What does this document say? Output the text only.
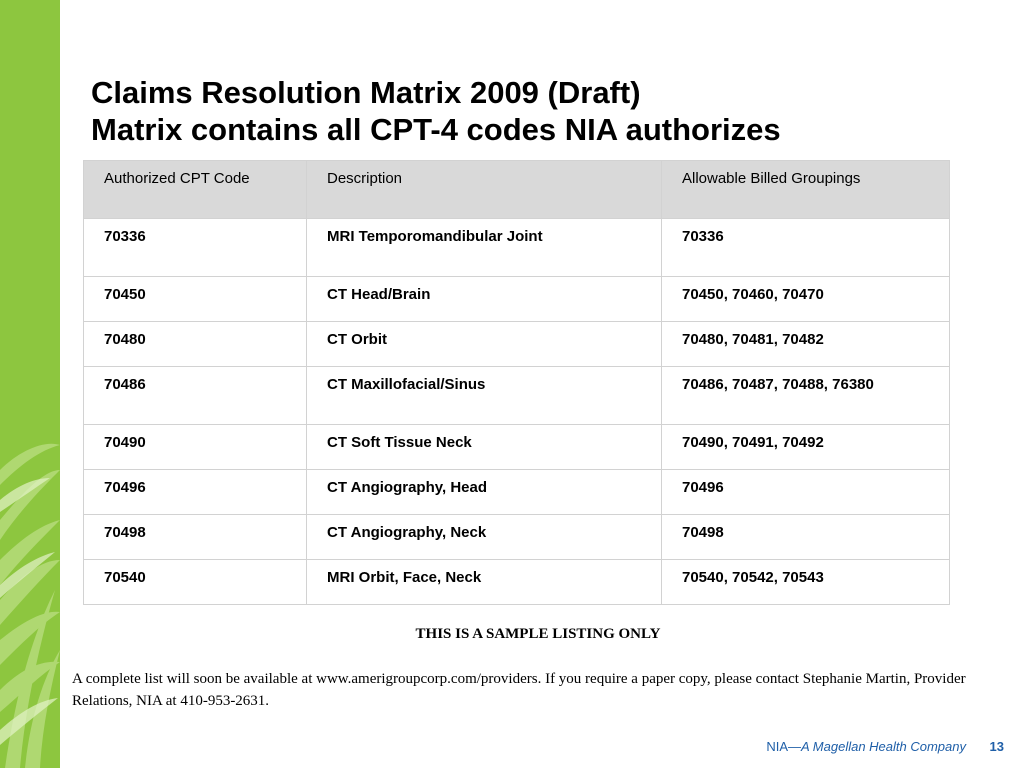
Claims Resolution Matrix 2009 (Draft)
Matrix contains all CPT-4 codes NIA authorizes
Authorized CPT Code	Description	Allowable Billed Groupings
70336	MRI Temporomandibular Joint	70336
70450	CT Head/Brain	70450, 70460, 70470
70480	CT Orbit	70480, 70481, 70482
70486	CT Maxillofacial/Sinus	70486, 70487, 70488, 76380
70490	CT Soft Tissue Neck	70490, 70491, 70492
70496	CT Angiography, Head	70496
70498	CT Angiography, Neck	70498
70540	MRI Orbit, Face, Neck	70540, 70542, 70543
THIS IS A SAMPLE LISTING ONLY

A complete list will soon be available at www.amerigroupcorp.com/providers. If you require a paper copy, please contact Stephanie Martin, Provider Relations, NIA at 410-953-2631.

NIA—A Magellan Health Company 13
